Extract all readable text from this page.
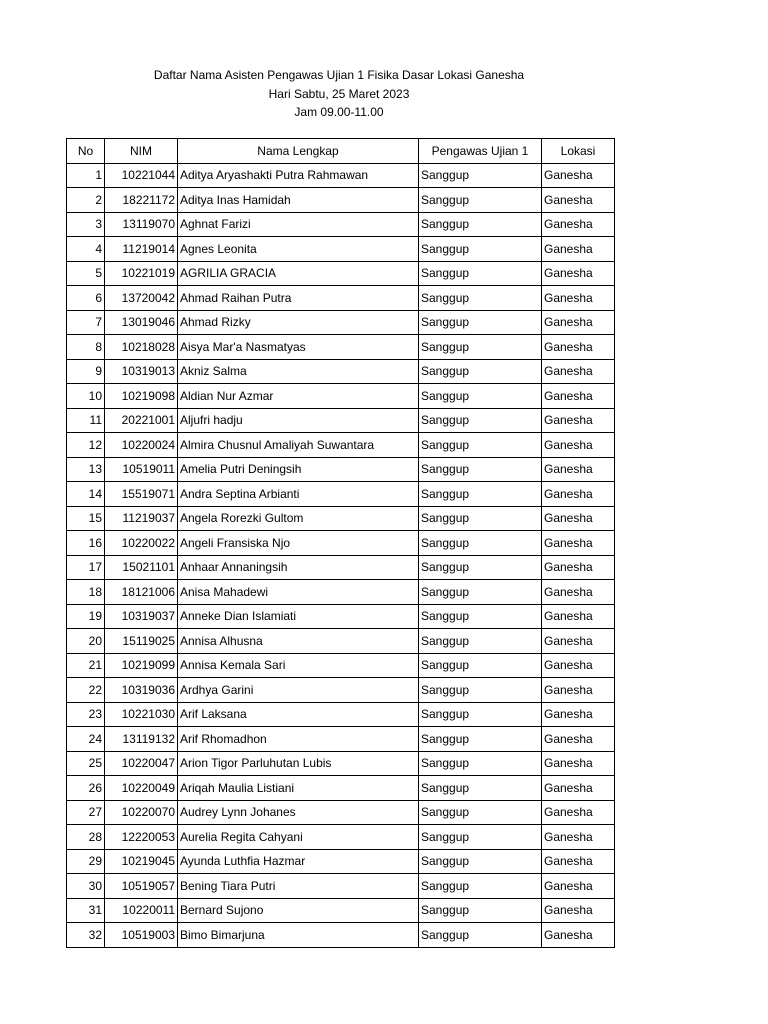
Daftar Nama Asisten Pengawas Ujian 1 Fisika Dasar Lokasi Ganesha
Hari Sabtu, 25 Maret 2023
Jam 09.00-11.00
No	NIM	Nama Lengkap	Pengawas Ujian 1	Lokasi
1	10221044	Aditya Aryashakti Putra Rahmawan	Sanggup	Ganesha
2	18221172	Aditya Inas Hamidah	Sanggup	Ganesha
3	13119070	Aghnat Farizi	Sanggup	Ganesha
4	11219014	Agnes Leonita	Sanggup	Ganesha
5	10221019	AGRILIA GRACIA	Sanggup	Ganesha
6	13720042	Ahmad Raihan Putra	Sanggup	Ganesha
7	13019046	Ahmad Rizky	Sanggup	Ganesha
8	10218028	Aisya Mar'a Nasmatyas	Sanggup	Ganesha
9	10319013	Akniz Salma	Sanggup	Ganesha
10	10219098	Aldian Nur Azmar	Sanggup	Ganesha
11	20221001	Aljufri hadju	Sanggup	Ganesha
12	10220024	Almira Chusnul Amaliyah Suwantara	Sanggup	Ganesha
13	10519011	Amelia Putri Deningsih	Sanggup	Ganesha
14	15519071	Andra Septina Arbianti	Sanggup	Ganesha
15	11219037	Angela Rorezki Gultom	Sanggup	Ganesha
16	10220022	Angeli Fransiska Njo	Sanggup	Ganesha
17	15021101	Anhaar Annaningsih	Sanggup	Ganesha
18	18121006	Anisa Mahadewi	Sanggup	Ganesha
19	10319037	Anneke Dian Islamiati	Sanggup	Ganesha
20	15119025	Annisa Alhusna	Sanggup	Ganesha
21	10219099	Annisa Kemala Sari	Sanggup	Ganesha
22	10319036	Ardhya Garini	Sanggup	Ganesha
23	10221030	Arif Laksana	Sanggup	Ganesha
24	13119132	Arif Rhomadhon	Sanggup	Ganesha
25	10220047	Arion Tigor Parluhutan Lubis	Sanggup	Ganesha
26	10220049	Ariqah Maulia Listiani	Sanggup	Ganesha
27	10220070	Audrey Lynn Johanes	Sanggup	Ganesha
28	12220053	Aurelia Regita Cahyani	Sanggup	Ganesha
29	10219045	Ayunda Luthfia Hazmar	Sanggup	Ganesha
30	10519057	Bening Tiara Putri	Sanggup	Ganesha
31	10220011	Bernard Sujono	Sanggup	Ganesha
32	10519003	Bimo Bimarjuna	Sanggup	Ganesha
